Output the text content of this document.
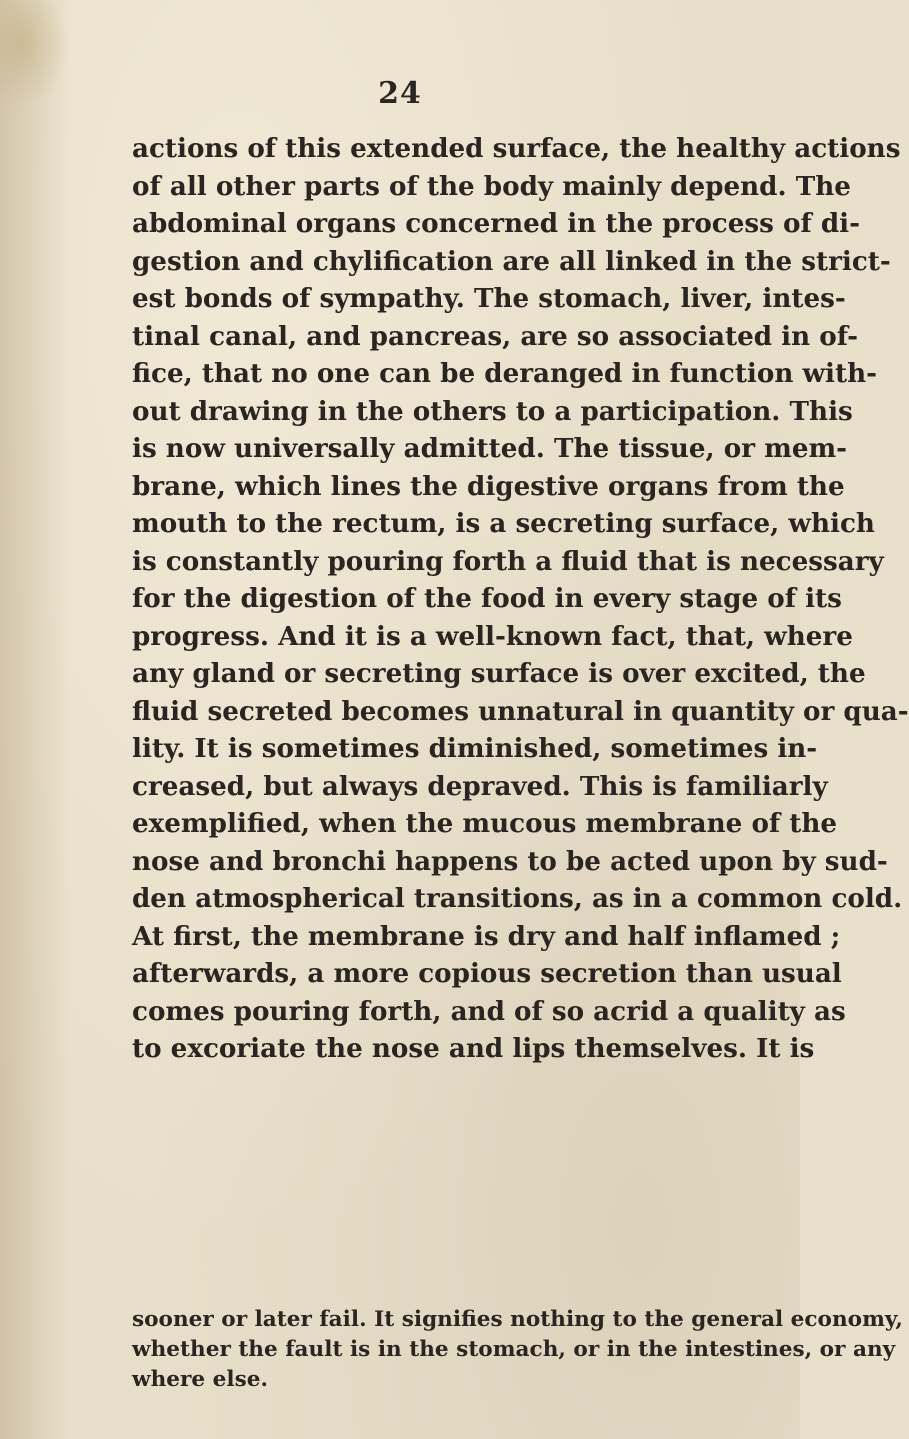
24
actions of this extended surface, the healthy actions
of all other parts of the body mainly depend. The
abdominal organs concerned in the process of di-
gestion and chylification are all linked in the strict-
est bonds of sympathy. The stomach, liver, intes-
tinal canal, and pancreas, are so associated in of-
fice, that no one can be deranged in function with-
out drawing in the others to a participation. This
is now universally admitted. The tissue, or mem-
brane, which lines the digestive organs from the
mouth to the rectum, is a secreting surface, which
is constantly pouring forth a fluid that is necessary
for the digestion of the food in every stage of its
progress. And it is a well-known fact, that, where
any gland or secreting surface is over excited, the
fluid secreted becomes unnatural in quantity or qua-
lity. It is sometimes diminished, sometimes in-
creased, but always depraved. This is familiarly
exemplified, when the mucous membrane of the
nose and bronchi happens to be acted upon by sud-
den atmospherical transitions, as in a common cold.
At first, the membrane is dry and half inflamed ;
afterwards, a more copious secretion than usual
comes pouring forth, and of so acrid a quality as
to excoriate the nose and lips themselves. It is
sooner or later fail. It signifies nothing to the general economy,
whether the fault is in the stomach, or in the intestines, or any
where else.
